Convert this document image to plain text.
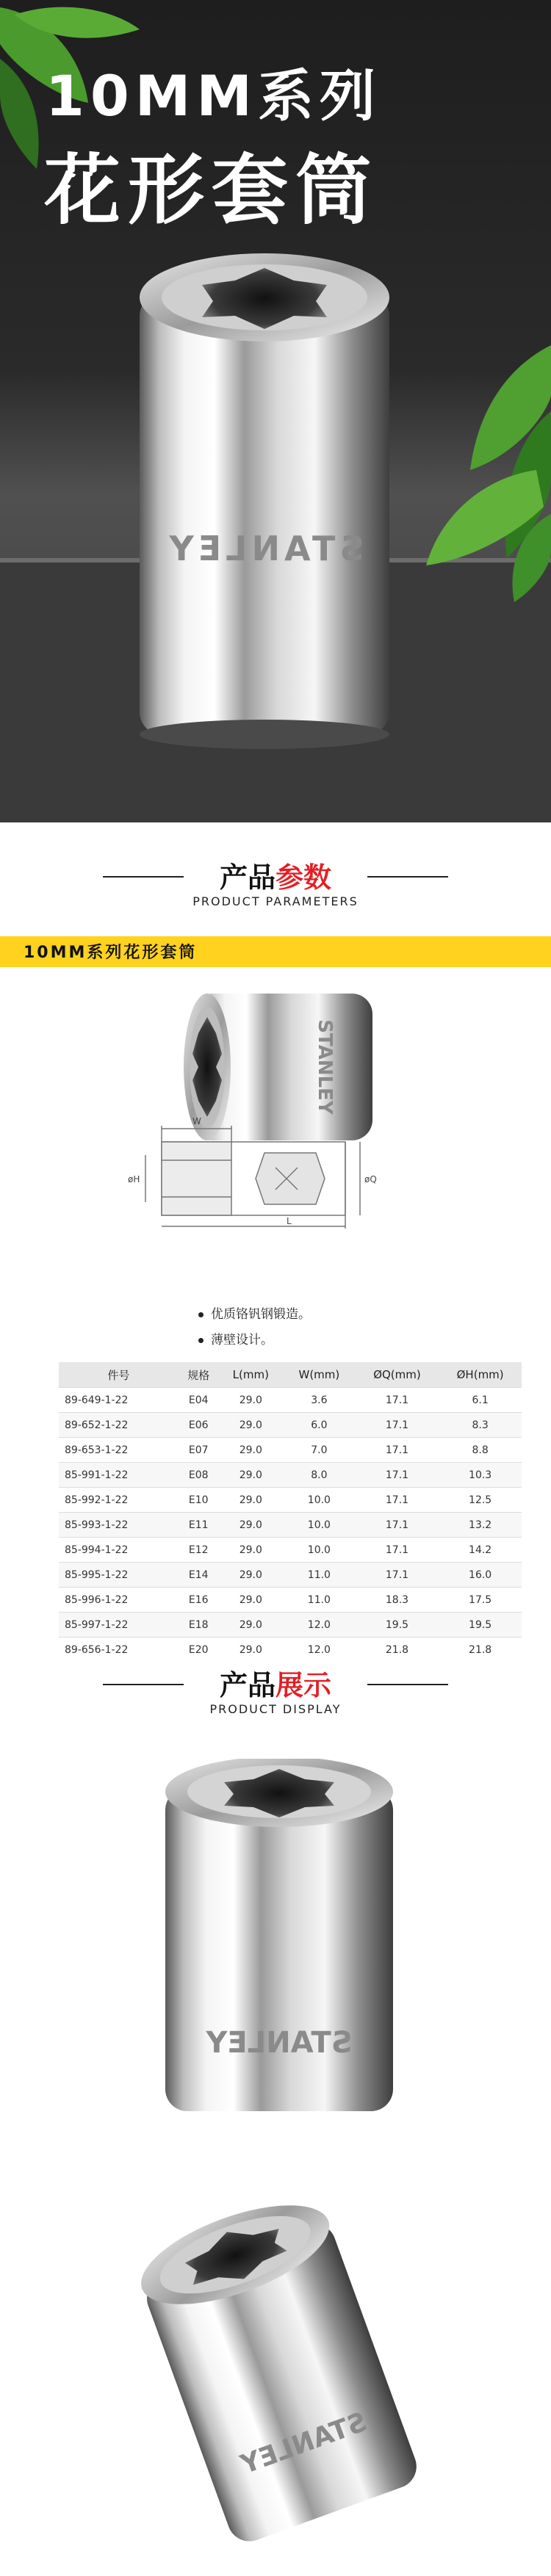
10MM系列
花形套筒
STANLEY
产品参数
PRODUCT PARAMETERS
10MM系列花形套筒
STANLEY
W
øH	øQ
L
优质铬钒钢锻造。
薄壁设计。
件号	规格	L(mm)	W(mm)	ØQ(mm)	ØH(mm)
89-649-1-22	E04	29.0	3.6	17.1	6.1
89-652-1-22	E06	29.0	6.0	17.1	8.3
89-653-1-22	E07	29.0	7.0	17.1	8.8
85-991-1-22	E08	29.0	8.0	17.1	10.3
85-992-1-22	E10	29.0	10.0	17.1	12.5
85-993-1-22	E11	29.0	10.0	17.1	13.2
85-994-1-22	E12	29.0	10.0	17.1	14.2
85-995-1-22	E14	29.0	11.0	17.1	16.0
85-996-1-22	E16	29.0	11.0	18.3	17.5
85-997-1-22	E18	29.0	12.0	19.5	19.5
89-656-1-22	E20	29.0	12.0	21.8	21.8
产品展示
PRODUCT DISPLAY
STANLEY
STANLEY
